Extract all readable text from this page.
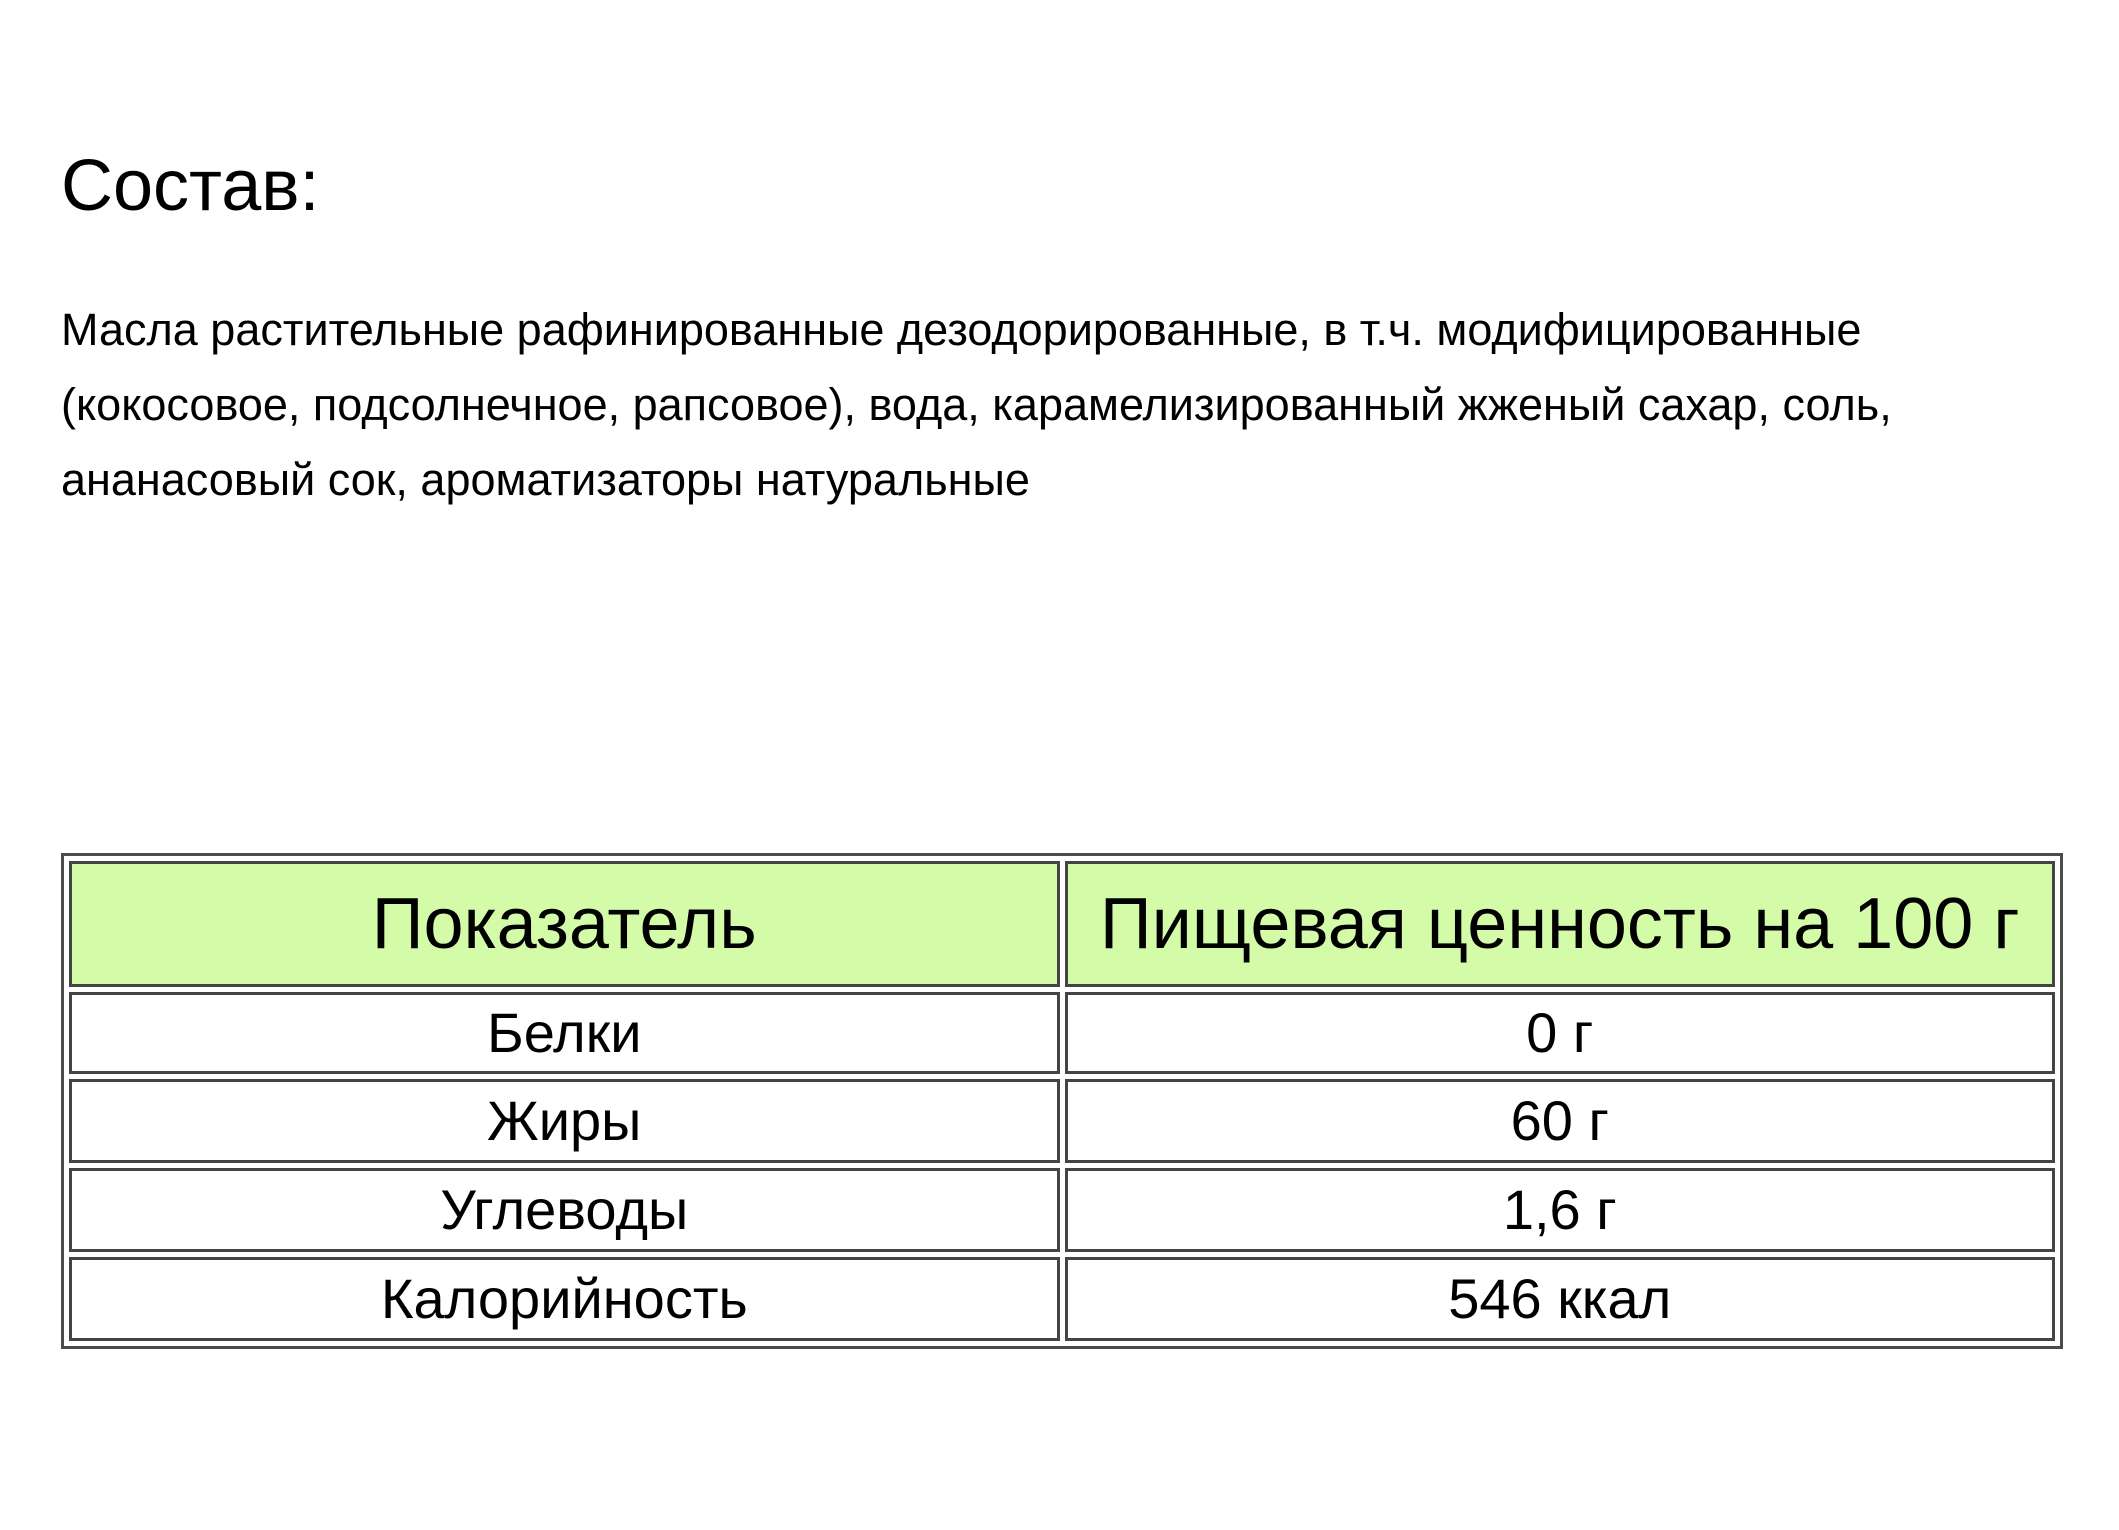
Состав:

Масла растительные рафинированные дезодорированные, в т.ч. модифицированные
(кокосовое, подсолнечное, рапсовое), вода, карамелизированный жженый сахар, соль,
ананасовый сок, ароматизаторы натуральные

Показатель	Пищевая ценность на 100 г
Белки	0 г
Жиры	60 г
Углеводы	1,6 г
Калорийность	546 ккал
